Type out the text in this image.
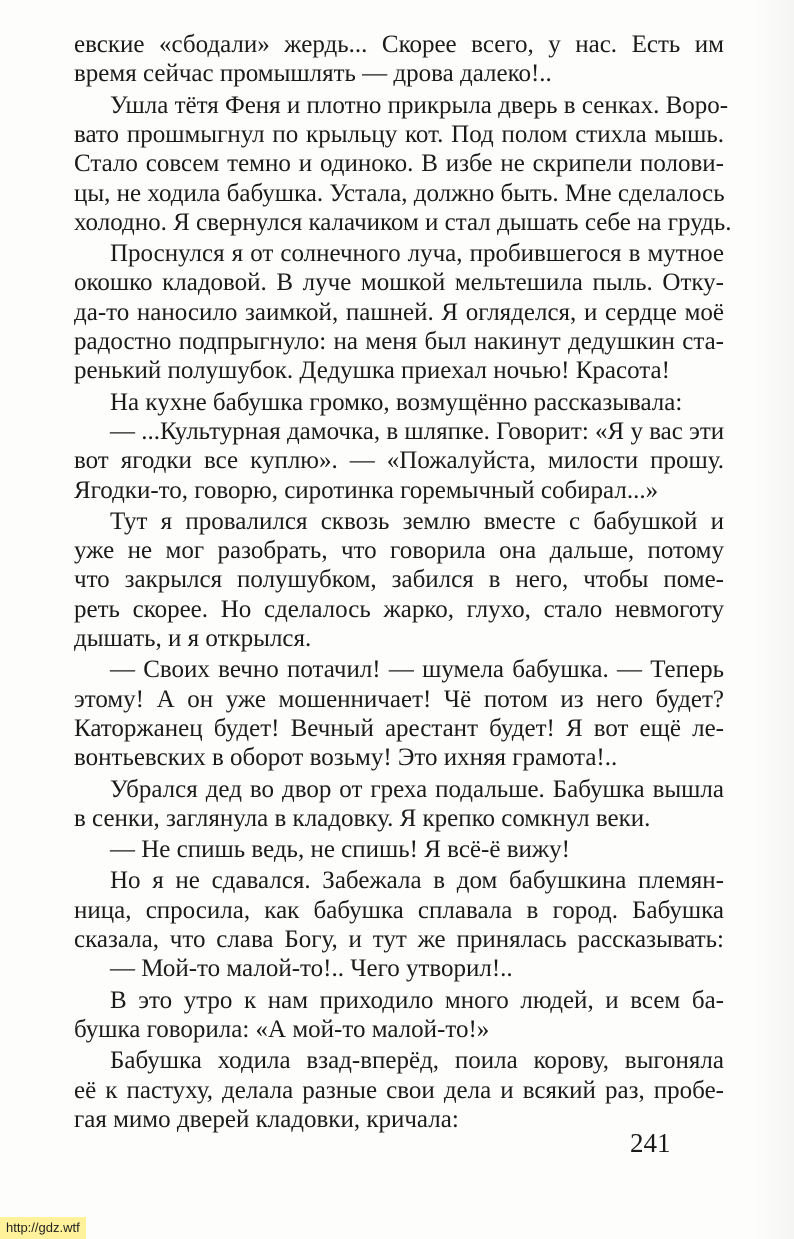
241
http://gdz.wtf
евские «сбодали» жердь... Скорее всего, у нас. Есть им
время сейчас промышлять — дрова далеко!..
Ушла тётя Феня и плотно прикрыла дверь в сенках. Воро-
вато прошмыгнул по крыльцу кот. Под полом стихла мышь.
Стало совсем темно и одиноко. В избе не скрипели полови-
цы, не ходила бабушка. Устала, должно быть. Мне сделалось
холодно. Я свернулся калачиком и стал дышать себе на грудь.
Проснулся я от солнечного луча, пробившегося в мутное
окошко кладовой. В луче мошкой мельтешила пыль. Отку-
да-то наносило заимкой, пашней. Я огляделся, и сердце моё
радостно подпрыгнуло: на меня был накинут дедушкин ста-
ренький полушубок. Дедушка приехал ночью! Красота!
На кухне бабушка громко, возмущённо рассказывала:
— ...Культурная дамочка, в шляпке. Говорит: «Я у вас эти
вот ягодки все куплю». — «Пожалуйста, милости прошу.
Ягодки-то, говорю, сиротинка горемычный собирал...»
Тут я провалился сквозь землю вместе с бабушкой и
уже не мог разобрать, что говорила она дальше, потому
что закрылся полушубком, забился в него, чтобы поме-
реть скорее. Но сделалось жарко, глухо, стало невмоготу
дышать, и я открылся.
— Своих вечно потачил! — шумела бабушка. — Теперь
этому! А он уже мошенничает! Чё потом из него будет?
Каторжанец будет! Вечный арестант будет! Я вот ещё ле-
вонтьевских в оборот возьму! Это ихняя грамота!..
Убрался дед во двор от греха подальше. Бабушка вышла
в сенки, заглянула в кладовку. Я крепко сомкнул веки.
— Не спишь ведь, не спишь! Я всё-ё вижу!
Но я не сдавался. Забежала в дом бабушкина племян-
ница, спросила, как бабушка сплавала в город. Бабушка
сказала, что слава Богу, и тут же принялась рассказывать:
— Мой-то малой-то!.. Чего утворил!..
В это утро к нам приходило много людей, и всем ба-
бушка говорила: «А мой-то малой-то!»
Бабушка ходила взад-вперёд, поила корову, выгоняла
её к пастуху, делала разные свои дела и всякий раз, пробе-
гая мимо дверей кладовки, кричала:
